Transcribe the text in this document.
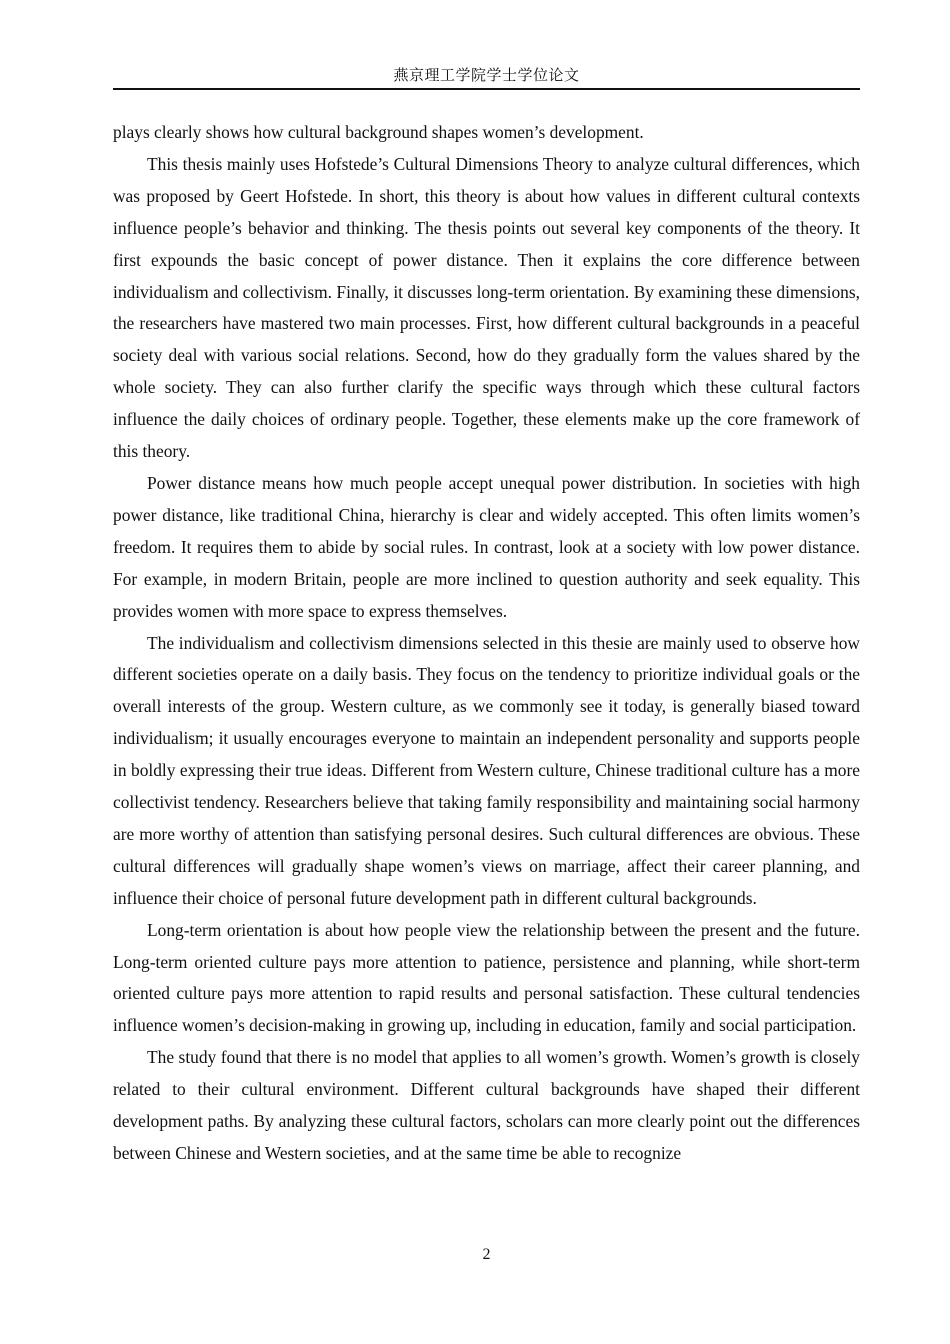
燕京理工学院学士学位论文

plays clearly shows how cultural background shapes women’s development.

This thesis mainly uses Hofstede’s Cultural Dimensions Theory to analyze cultural differences, which was proposed by Geert Hofstede. In short, this theory is about how values in different cultural contexts influence people’s behavior and thinking. The thesis points out several key components of the theory. It first expounds the basic concept of power distance. Then it explains the core difference between individualism and collectivism. Finally, it discusses long-term orientation. By examining these dimensions, the researchers have mastered two main processes. First, how different cultural backgrounds in a peaceful society deal with various social relations. Second, how do they gradually form the values shared by the whole society. They can also further clarify the specific ways through which these cultural factors influence the daily choices of ordinary people. Together, these elements make up the core framework of this theory.

Power distance means how much people accept unequal power distribution. In societies with high power distance, like traditional China, hierarchy is clear and widely accepted. This often limits women’s freedom. It requires them to abide by social rules. In contrast, look at a society with low power distance. For example, in modern Britain, people are more inclined to question authority and seek equality. This provides women with more space to express themselves.

The individualism and collectivism dimensions selected in this thesie are mainly used to observe how different societies operate on a daily basis. They focus on the tendency to prioritize individual goals or the overall interests of the group. Western culture, as we commonly see it today, is generally biased toward individualism; it usually encourages everyone to maintain an independent personality and supports people in boldly expressing their true ideas. Different from Western culture, Chinese traditional culture has a more collectivist tendency. Researchers believe that taking family responsibility and maintaining social harmony are more worthy of attention than satisfying personal desires. Such cultural differences are obvious. These cultural differences will gradually shape women’s views on marriage, affect their career planning, and influence their choice of personal future development path in different cultural backgrounds.

Long-term orientation is about how people view the relationship between the present and the future. Long-term oriented culture pays more attention to patience, persistence and planning, while short-term oriented culture pays more attention to rapid results and personal satisfaction. These cultural tendencies influence women’s decision-making in growing up, including in education, family and social participation.

The study found that there is no model that applies to all women’s growth. Women’s growth is closely related to their cultural environment. Different cultural backgrounds have shaped their different development paths. By analyzing these cultural factors, scholars can more clearly point out the differences between Chinese and Western societies, and at the same time be able to recognize

2
